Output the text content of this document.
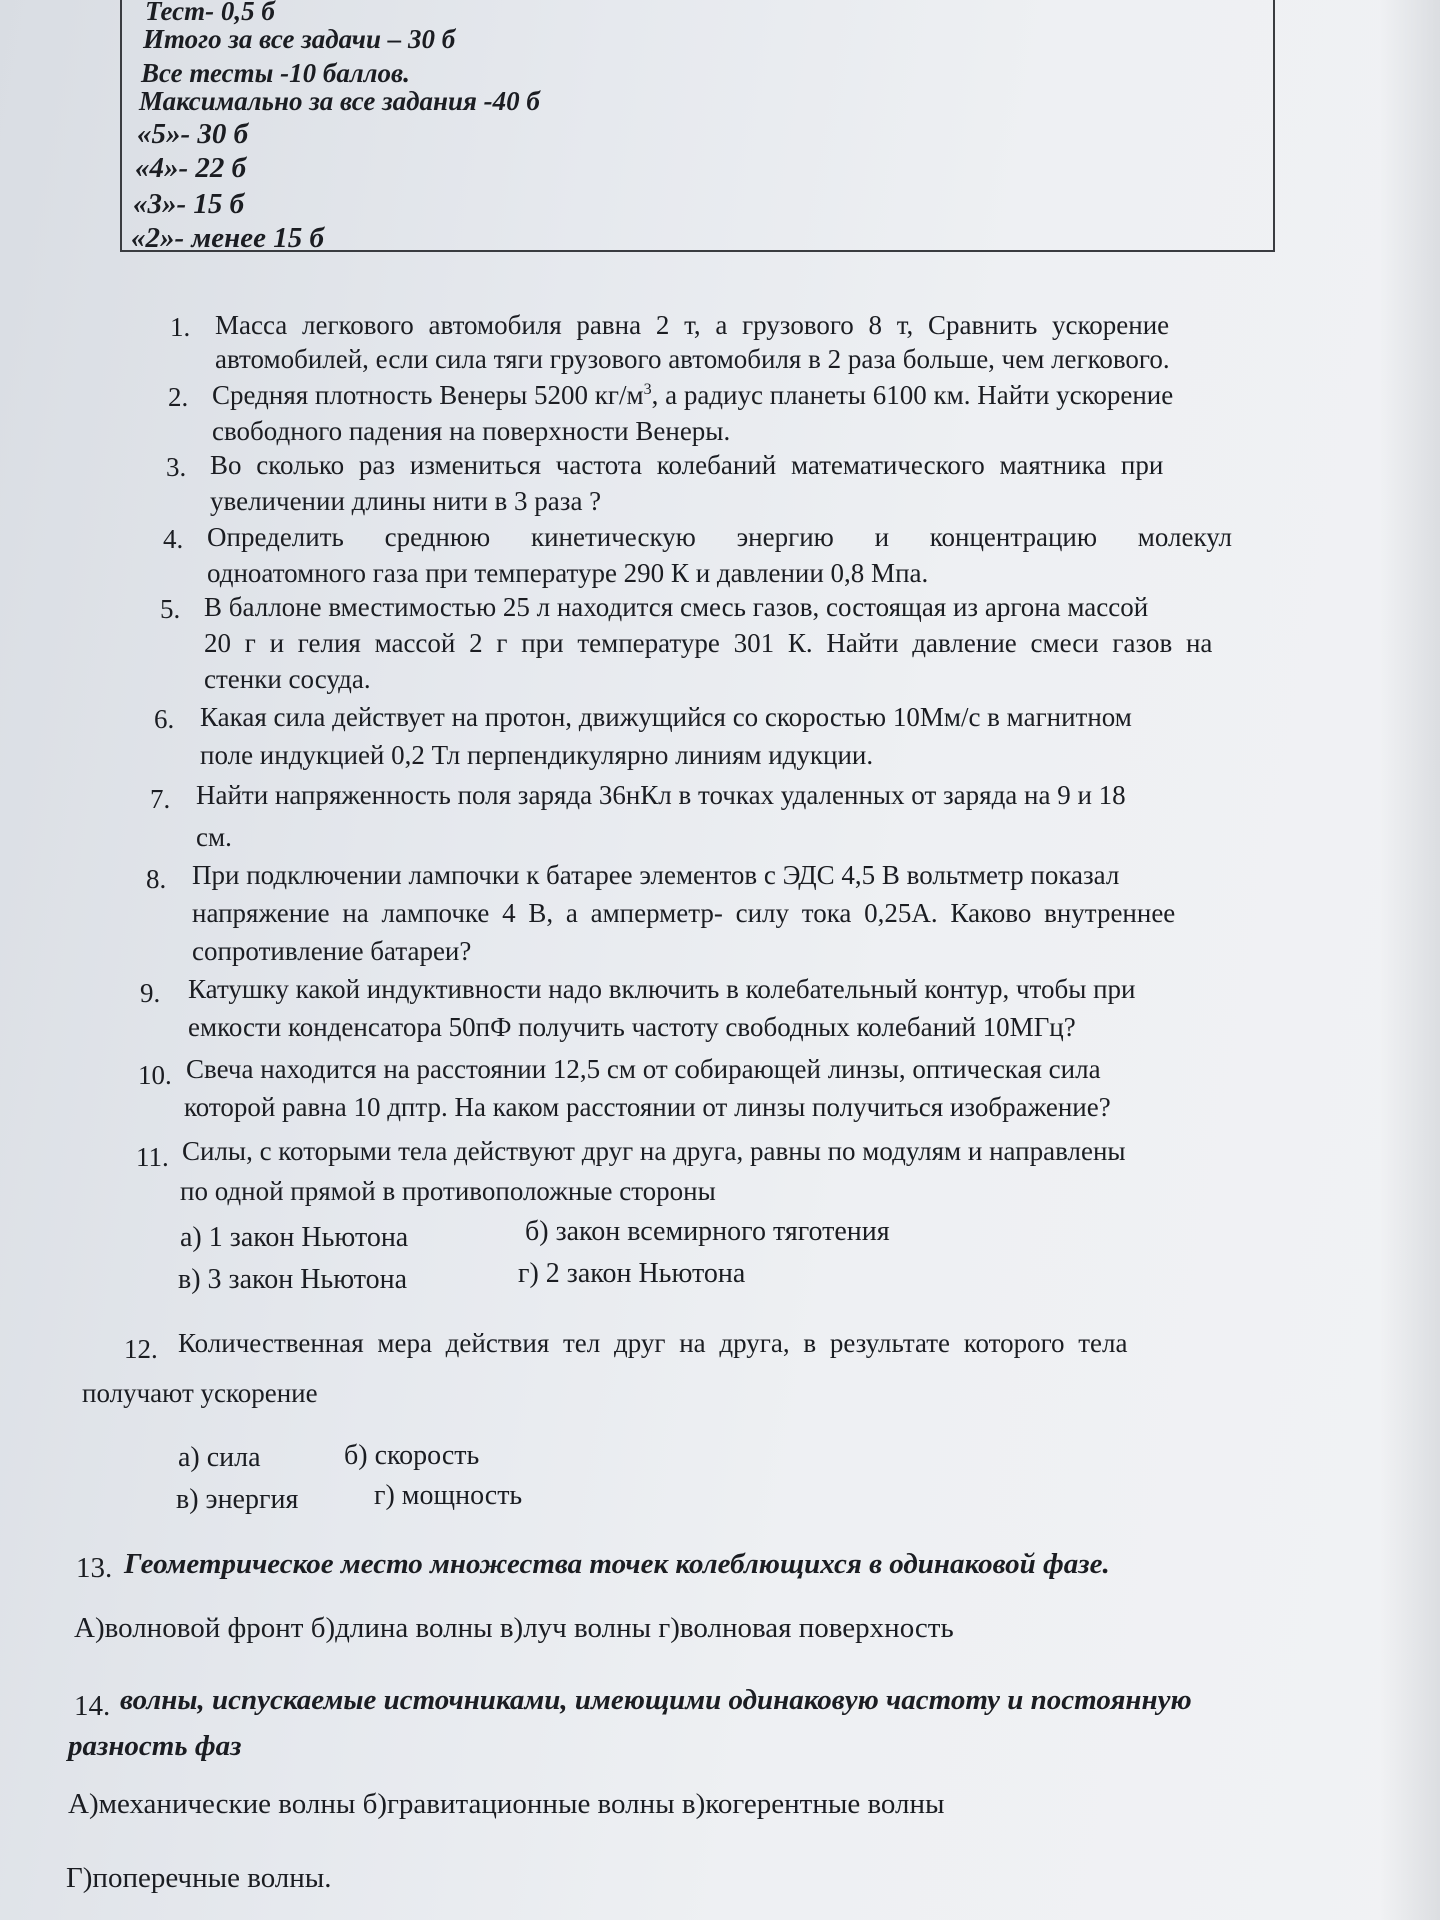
Тест- 0,5 б
Итого за все задачи – 30 б
Все тесты -10 баллов.
Максимально за все задания -40 б
«5»- 30 б
«4»- 22 б
«3»- 15 б
«2»- менее 15 б
1. Масса легкового автомобиля равна 2 т, а грузового 8 т, Сравнить ускорение
автомобилей, если сила тяги грузового автомобиля в 2 раза больше, чем легкового.
2. Средняя плотность Венеры 5200 $кг/м^3$, а радиус планеты 6100 км. Найти ускорение
свободного падения на поверхности Венеры.
3. Во сколько раз измениться частота колебаний математического маятника при
увеличении длины нити в 3 раза ?
4. Определить среднюю кинетическую энергию и концентрацию молекул
одноатомного газа при температуре 290 К и давлении 0,8 Мпа.
5. В баллоне вместимостью 25 л находится смесь газов, состоящая из аргона массой
20 г и гелия массой 2 г при температуре 301 К. Найти давление смеси газов на
стенки сосуда.
6. Какая сила действует на протон, движущийся со скоростью 10Мм/с в магнитном
поле индукцией 0,2 Тл перпендикулярно линиям идукции.
7. Найти напряженность поля заряда 36нКл в точках удаленных от заряда на 9 и 18
см.
8. При подключении лампочки к батарее элементов с ЭДС 4,5 В вольтметр показал
напряжение на лампочке 4 В, а амперметр- силу тока 0,25А. Каково внутреннее
сопротивление батареи?
9. Катушку какой индуктивности надо включить в колебательный контур, чтобы при
емкости конденсатора 50пФ получить частоту свободных колебаний 10МГц?
10. Свеча находится на расстоянии 12,5 см от собирающей линзы, оптическая сила
которой равна 10 дптр. На каком расстоянии от линзы получиться изображение?
11. Силы, с которыми тела действуют друг на друга, равны по модулям и направлены
по одной прямой в противоположные стороны
а) 1 закон Ньютона	б) закон всемирного тяготения
в) 3 закон Ньютона	г) 2 закон Ньютона
12. Количественная мера действия тел друг на друга, в результате которого тела
получают ускорение
а) сила	б) скорость
в) энергия	г) мощность
13. Геометрическое место множества точек колеблющихся в одинаковой фазе.
А)волновой фронт б)длина волны в)луч волны г)волновая поверхность
14. волны, испускаемые источниками, имеющими одинаковую частоту и постоянную
разность фаз
А)механические волны б)гравитационные волны в)когерентные волны
Г)поперечные волны.
